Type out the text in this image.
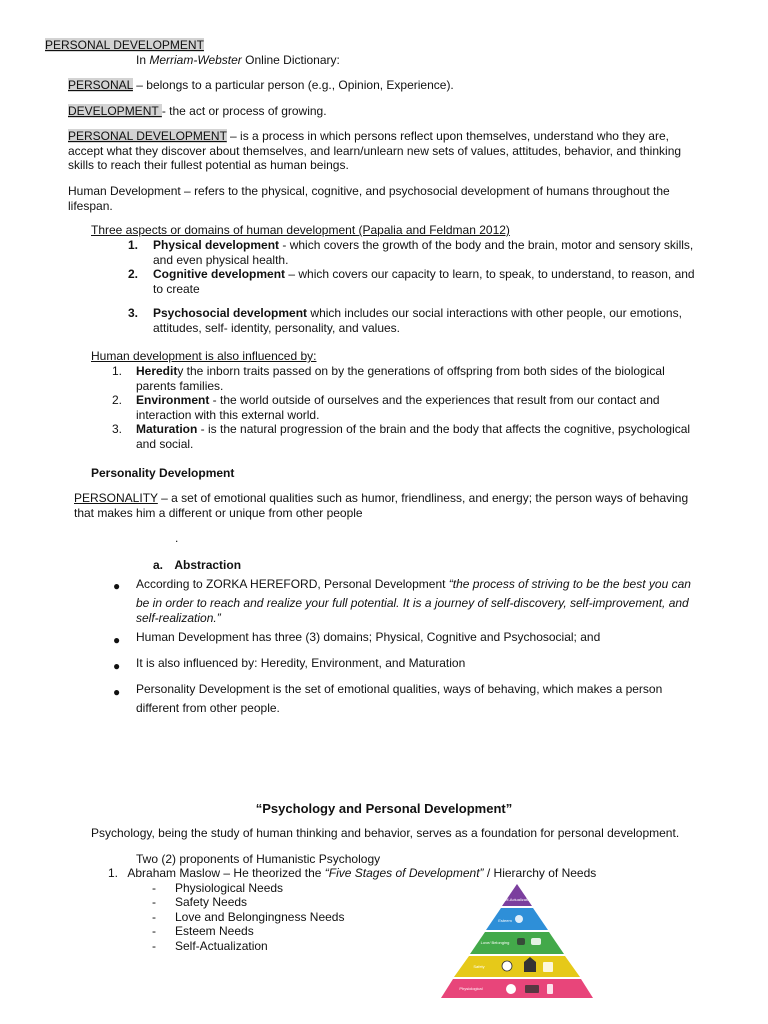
PERSONAL DEVELOPMENT
In Merriam-Webster Online Dictionary:
PERSONAL – belongs to a particular person (e.g., Opinion, Experience).
DEVELOPMENT - the act or process of growing.
PERSONAL DEVELOPMENT – is a process in which persons reflect upon themselves, understand who they are,
accept what they discover about themselves, and learn/unlearn new sets of values, attitudes, behavior, and thinking
skills to reach their fullest potential as human beings.
Human Development – refers to the physical, cognitive, and psychosocial development of humans throughout the
lifespan.
Three aspects or domains of human development (Papalia and Feldman 2012)
1. Physical development - which covers the growth of the body and the brain, motor and sensory skills,
and even physical health.
2. Cognitive development – which covers our capacity to learn, to speak, to understand, to reason, and
to create
3. Psychosocial development which includes our social interactions with other people, our emotions,
attitudes, self- identity, personality, and values.
Human development is also influenced by:
1. Heredity the inborn traits passed on by the generations of offspring from both sides of the biological
parents families.
2. Environment - the world outside of ourselves and the experiences that result from our contact and
interaction with this external world.
3. Maturation - is the natural progression of the brain and the body that affects the cognitive, psychological
and social.
Personality Development
PERSONALITY – a set of emotional qualities such as humor, friendliness, and energy; the person ways of behaving
that makes him a different or unique from other people
.
a. Abstraction
● According to ZORKA HEREFORD, Personal Development “the process of striving to be the best you can
be in order to reach and realize your full potential. It is a journey of self-discovery, self-improvement, and
self-realization.”
● Human Development has three (3) domains; Physical, Cognitive and Psychosocial; and
● It is also influenced by: Heredity, Environment, and Maturation
● Personality Development is the set of emotional qualities, ways of behaving, which makes a person
different from other people.
“Psychology and Personal Development”
Psychology, being the study of human thinking and behavior, serves as a foundation for personal development.
Two (2) proponents of Humanistic Psychology
1. Abraham Maslow – He theorized the “Five Stages of Development” / Hierarchy of Needs
- Physiological Needs
- Safety Needs
- Love and Belongingness Needs
- Esteem Needs
- Self-Actualization
Self-Actualization
Esteem
Love/ Belonging
Safety
Physiological
